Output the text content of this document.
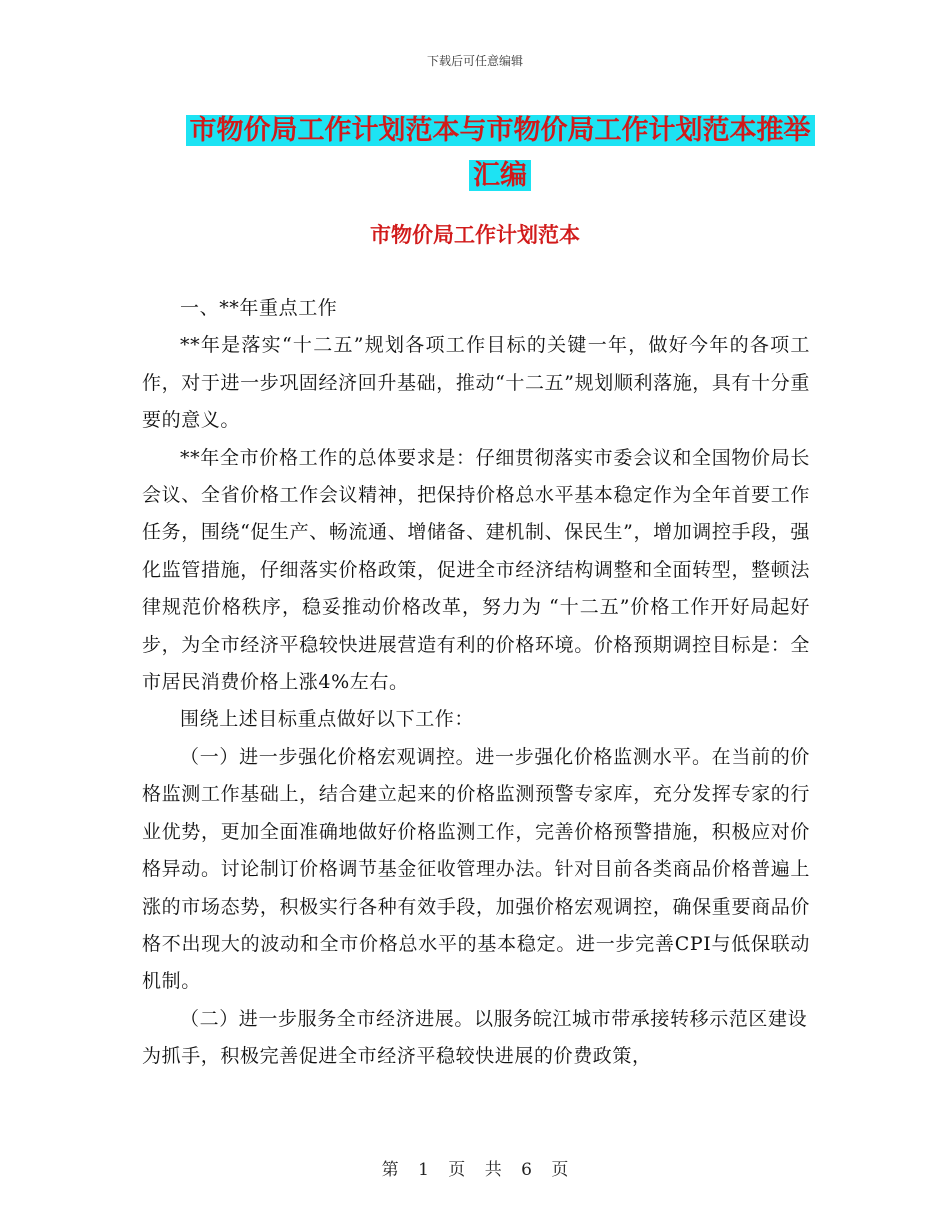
下载后可任意编辑
市物价局工作计划范本与市物价局工作计划范本推举
汇编
市物价局工作计划范本

一、**年重点工作

**年是落实“十二五”规划各项工作目标的关键一年，做好今年的各项工作，对于进一步巩固经济回升基础，推动“十二五”规划顺利落施，具有十分重要的意义。

**年全市价格工作的总体要求是：仔细贯彻落实市委会议和全国物价局长会议、全省价格工作会议精神，把保持价格总水平基本稳定作为全年首要工作任务，围绕“促生产、畅流通、增储备、建机制、保民生”，增加调控手段，强化监管措施，仔细落实价格政策，促进全市经济结构调整和全面转型，整顿法律规范价格秩序，稳妥推动价格改革，努力为 “十二五”价格工作开好局起好步，为全市经济平稳较快进展营造有利的价格环境。价格预期调控目标是：全市居民消费价格上涨4%左右。

围绕上述目标重点做好以下工作：

（一）进一步强化价格宏观调控。进一步强化价格监测水平。在当前的价格监测工作基础上，结合建立起来的价格监测预警专家库，充分发挥专家的行业优势，更加全面准确地做好价格监测工作，完善价格预警措施，积极应对价格异动。讨论制订价格调节基金征收管理办法。针对目前各类商品价格普遍上涨的市场态势，积极实行各种有效手段，加强价格宏观调控，确保重要商品价格不出现大的波动和全市价格总水平的基本稳定。进一步完善CPI与低保联动机制。

（二）进一步服务全市经济进展。以服务皖江城市带承接转移示范区建设为抓手，积极完善促进全市经济平稳较快进展的价费政策，

第 1 页 共 6 页
